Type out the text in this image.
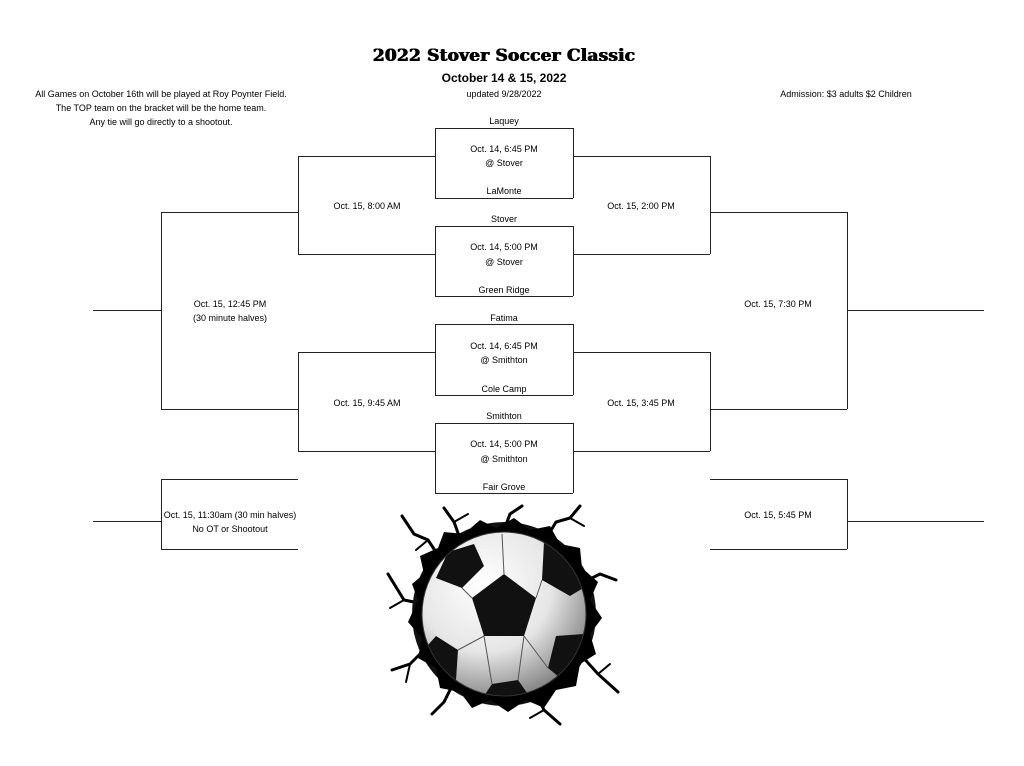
2022 Stover Soccer Classic
October 14 & 15, 2022
updated 9/28/2022	Admission: $3 adults $2 Children
All Games on October 16th will be played at Roy Poynter Field.
The TOP team on the bracket will be the home team.
Any tie will go directly to a shootout.	Laquey
Oct. 14, 6:45 PM
@ Stover
LaMonte
Stover
Oct. 14, 5:00 PM
@ Stover
Green Ridge
Fatima
Oct. 14, 6:45 PM
@ Smithton
Cole Camp
Smithton
Oct. 14, 5:00 PM
@ Smithton
Fair Grove
Oct. 15, 8:00 AM
Oct. 15, 9:45 AM
Oct. 15, 12:45 PM
(30 minute halves)
Oct. 15, 11:30am (30 min halves)
No OT or Shootout
Oct. 15, 2:00 PM
Oct. 15, 3:45 PM
Oct. 15, 7:30 PM
Oct. 15, 5:45 PM
